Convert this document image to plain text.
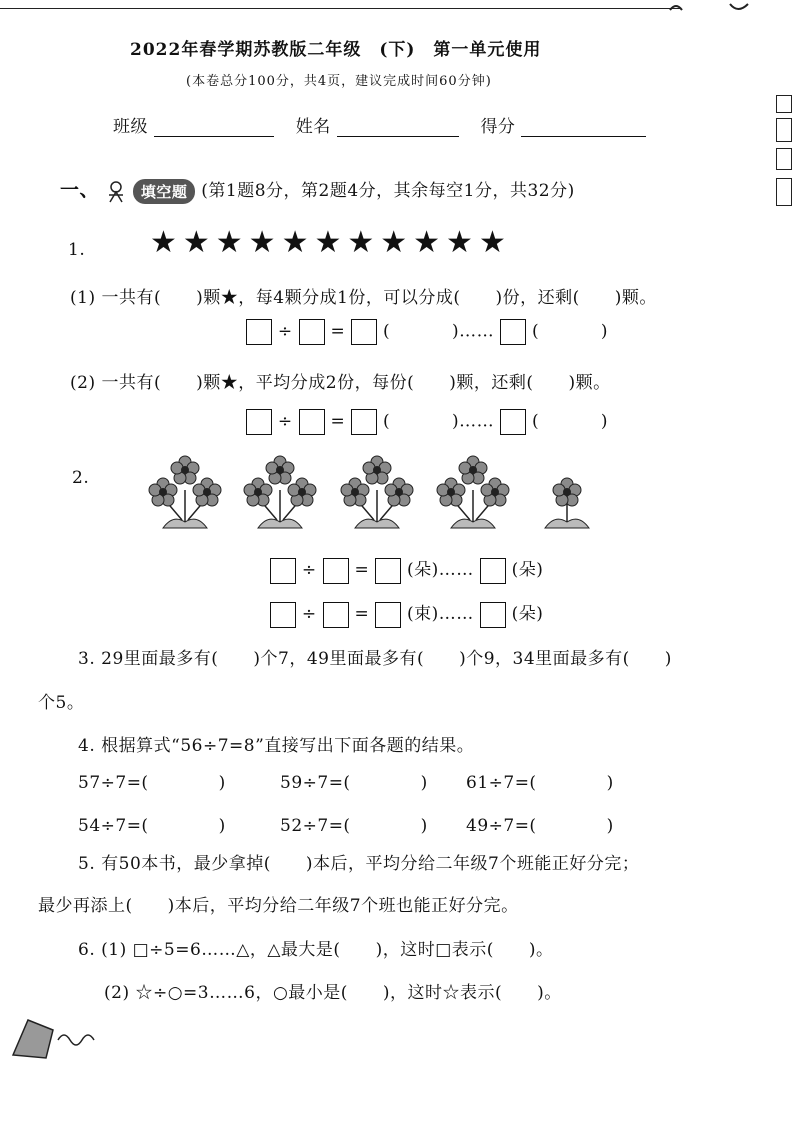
2022年春学期苏教版二年级　(下)　第一单元使用
(本卷总分100分，共4页，建议完成时间60分钟)
班级	姓名	得分
一、	填空题 (第1题8分，第2题4分，其余每空1分，共32分)
1. ★★★★★★★★★★★
(1) 一共有(　　)颗★，每4颗分成1份，可以分成(　　)份，还剩(　　)颗。
÷ = (	)…… (	)
(2) 一共有(　　)颗★，平均分成2份，每份(　　)颗，还剩(　　)颗。
÷ = (	)…… (	)
2.
÷ = (朵)…… (朵)
÷ = (束)…… (朵)
3. 29里面最多有(　　)个7，49里面最多有(　　)个9，34里面最多有(　　)
个5。
4. 根据算式“56÷7=8”直接写出下面各题的结果。
57÷7=(　　　　)	59÷7=(　　　　) 61÷7=(　　　　)
54÷7=(　　　　)	52÷7=(　　　　) 49÷7=(　　　　)
5. 有50本书，最少拿掉(　　)本后，平均分给二年级7个班能正好分完；
最少再添上(　　)本后，平均分给二年级7个班也能正好分完。
6. (1) □÷5=6……△，△最大是(　　)，这时□表示(　　)。
(2) ☆÷○=3……6，○最小是(　　)，这时☆表示(　　)。
